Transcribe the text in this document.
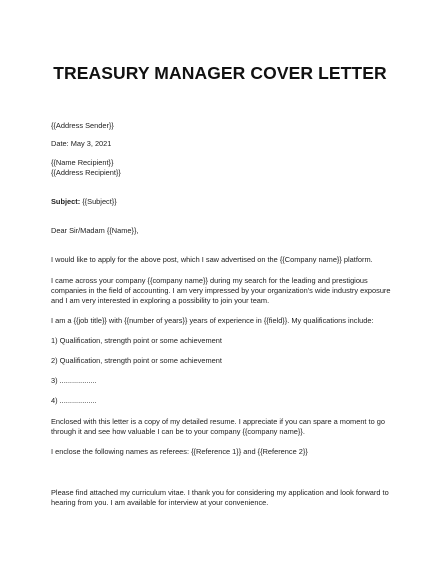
TREASURY MANAGER COVER LETTER
{{Address Sender}}
Date: May 3, 2021
{{Name Recipient}}
{{Address Recipient}}
Subject: {{Subject}}
Dear Sir/Madam {{Name}},
I would like to apply for the above post, which I saw advertised on the {{Company name}} platform.
I came across your company {{company name}} during my search for the leading and prestigious
companies in the field of accounting. I am very impressed by your organization's wide industry exposure
and I am very interested in exploring a possibility to join your team.
I am a {{job title}} with {{number of years}} years of experience in {{field}}. My qualifications include:
1) Qualification, strength point or some achievement
2) Qualification, strength point or some achievement
3) ..................
4) ..................
Enclosed with this letter is a copy of my detailed resume. I appreciate if you can spare a moment to go
through it and see how valuable I can be to your company {{company name}}.
I enclose the following names as referees: {{Reference 1}} and {{Reference 2}}
Please find attached my curriculum vitae. I thank you for considering my application and look forward to
hearing from you. I am available for interview at your convenience.
